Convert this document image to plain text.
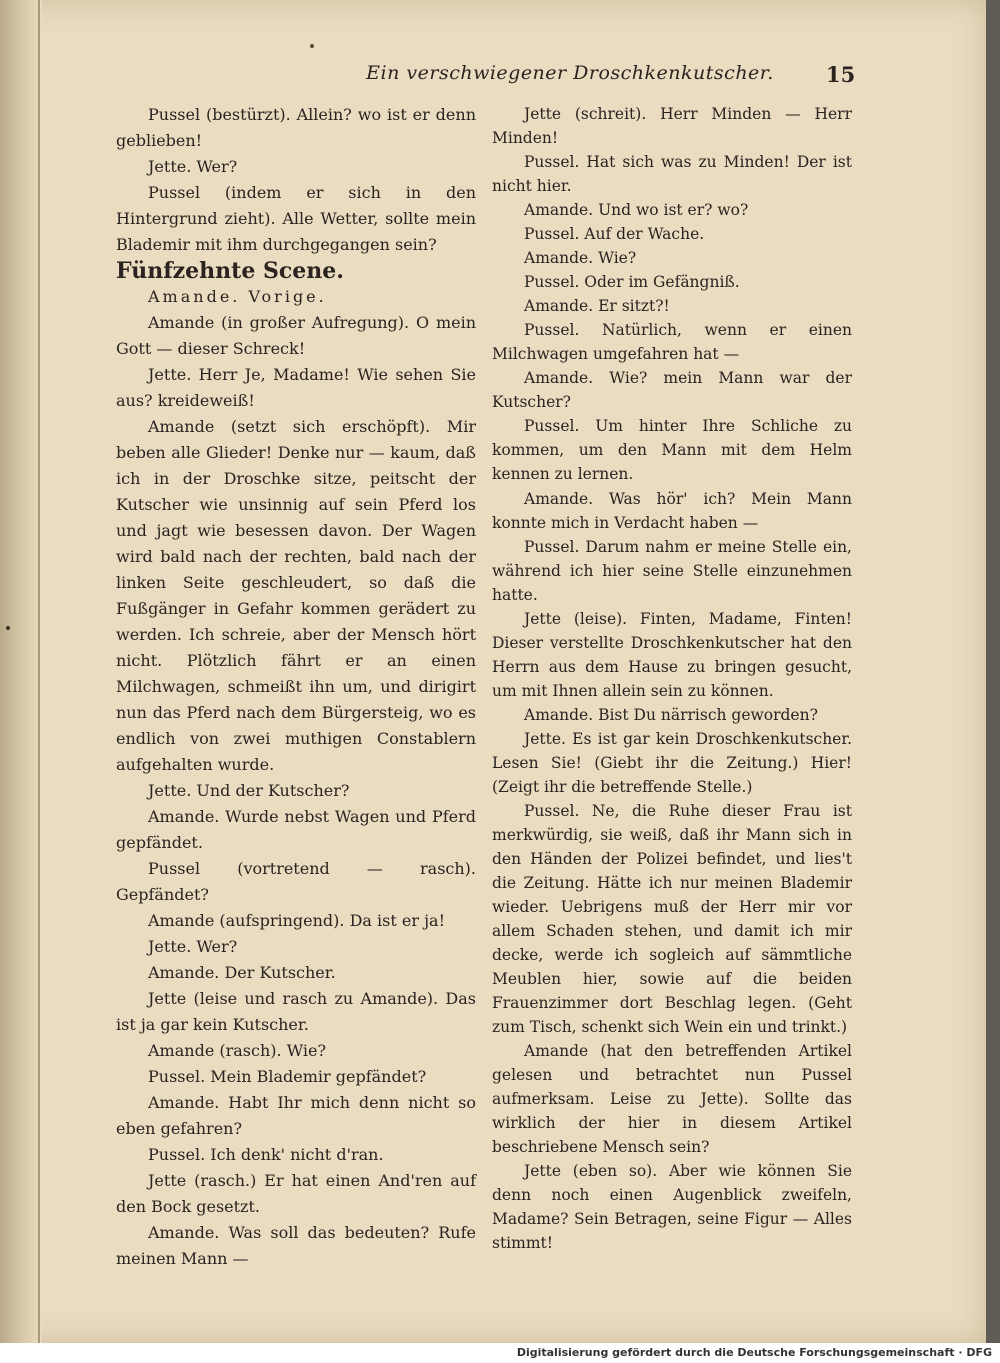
Ein verschwiegener Droschkenkutscher.	15

Pussel (bestürzt). Allein? wo ist er denn geblieben!

Jette. Wer?

Pussel (indem er sich in den Hintergrund zieht). Alle Wetter, sollte mein Blademir mit ihm durchgegangen sein?

Fünfzehnte Scene.

Amande. Vorige.

Amande (in großer Aufregung). O mein Gott — dieser Schreck!

Jette. Herr Je, Madame! Wie sehen Sie aus? kreideweiß!

Amande (setzt sich erschöpft). Mir beben alle Glieder! Denke nur — kaum, daß ich in der Droschke sitze, peitscht der Kutscher wie unsinnig auf sein Pferd los und jagt wie besessen davon. Der Wagen wird bald nach der rechten, bald nach der linken Seite geschleudert, so daß die Fußgänger in Gefahr kommen gerädert zu werden. Ich schreie, aber der Mensch hört nicht. Plötzlich fährt er an einen Milchwagen, schmeißt ihn um, und dirigirt nun das Pferd nach dem Bürgersteig, wo es endlich von zwei muthigen Constablern aufgehalten wurde.

Jette. Und der Kutscher?

Amande. Wurde nebst Wagen und Pferd gepfändet.

Pussel (vortretend — rasch). Gepfändet?

Amande (aufspringend). Da ist er ja!

Jette. Wer?

Amande. Der Kutscher.

Jette (leise und rasch zu Amande). Das ist ja gar kein Kutscher.

Amande (rasch). Wie?

Pussel. Mein Blademir gepfändet?

Amande. Habt Ihr mich denn nicht so eben gefahren?

Pussel. Ich denk' nicht d'ran.

Jette (rasch.) Er hat einen And'ren auf den Bock gesetzt.

Amande. Was soll das bedeuten? Rufe meinen Mann —

Jette (schreit). Herr Minden — Herr Minden!

Pussel. Hat sich was zu Minden! Der ist nicht hier.

Amande. Und wo ist er? wo?

Pussel. Auf der Wache.

Amande. Wie?

Pussel. Oder im Gefängniß.

Amande. Er sitzt?!

Pussel. Natürlich, wenn er einen Milchwagen umgefahren hat —

Amande. Wie? mein Mann war der Kutscher?

Pussel. Um hinter Ihre Schliche zu kommen, um den Mann mit dem Helm kennen zu lernen.

Amande. Was hör' ich? Mein Mann konnte mich in Verdacht haben —

Pussel. Darum nahm er meine Stelle ein, während ich hier seine Stelle einzunehmen hatte.

Jette (leise). Finten, Madame, Finten! Dieser verstellte Droschkenkutscher hat den Herrn aus dem Hause zu bringen gesucht, um mit Ihnen allein sein zu können.

Amande. Bist Du närrisch geworden?

Jette. Es ist gar kein Droschkenkutscher. Lesen Sie! (Giebt ihr die Zeitung.) Hier! (Zeigt ihr die betreffende Stelle.)

Pussel. Ne, die Ruhe dieser Frau ist merkwürdig, sie weiß, daß ihr Mann sich in den Händen der Polizei befindet, und lies't die Zeitung. Hätte ich nur meinen Blademir wieder. Uebrigens muß der Herr mir vor allem Schaden stehen, und damit ich mir decke, werde ich sogleich auf sämmtliche Meublen hier, sowie auf die beiden Frauenzimmer dort Beschlag legen. (Geht zum Tisch, schenkt sich Wein ein und trinkt.)

Amande (hat den betreffenden Artikel gelesen und betrachtet nun Pussel aufmerksam. Leise zu Jette). Sollte das wirklich der hier in diesem Artikel beschriebene Mensch sein?

Jette (eben so). Aber wie können Sie denn noch einen Augenblick zweifeln, Madame? Sein Betragen, seine Figur — Alles stimmt!

Digitalisierung gefördert durch die Deutsche Forschungsgemeinschaft · DFG
